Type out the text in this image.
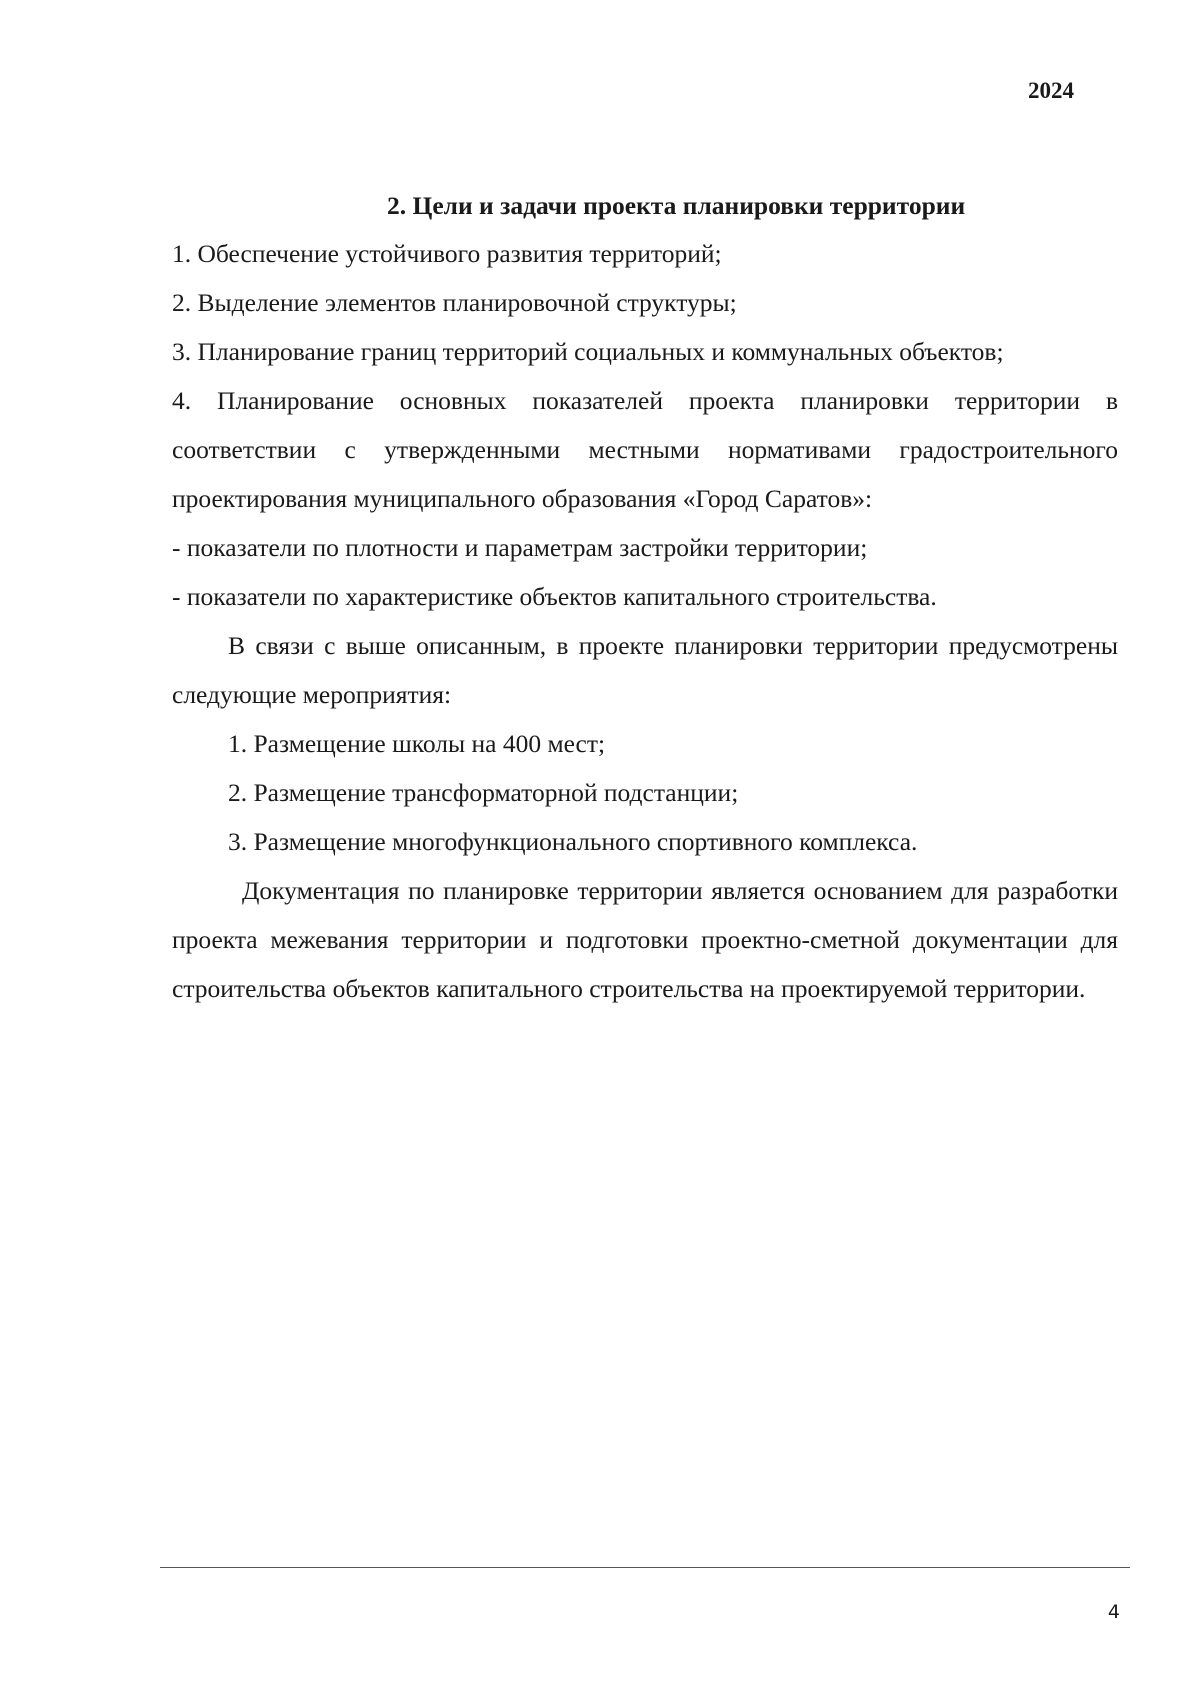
2024

2. Цели и задачи проекта планировки территории

1. Обеспечение устойчивого развития территорий;

2. Выделение элементов планировочной структуры;

3. Планирование границ территорий социальных и коммунальных объектов;

4. Планирование основных показателей проекта планировки территории в соответствии с утвержденными местными нормативами градостроительного проектирования муниципального образования «Город Саратов»:

- показатели по плотности и параметрам застройки территории;

- показатели по характеристике объектов капитального строительства.

В связи с выше описанным, в проекте планировки территории предусмотрены следующие мероприятия:

1. Размещение школы на 400 мест;

2. Размещение трансформаторной подстанции;

3. Размещение многофункционального спортивного комплекса.

Документация по планировке территории является основанием для разработки проекта межевания территории и подготовки проектно-сметной документации для строительства объектов капитального строительства на проектируемой территории.

4
